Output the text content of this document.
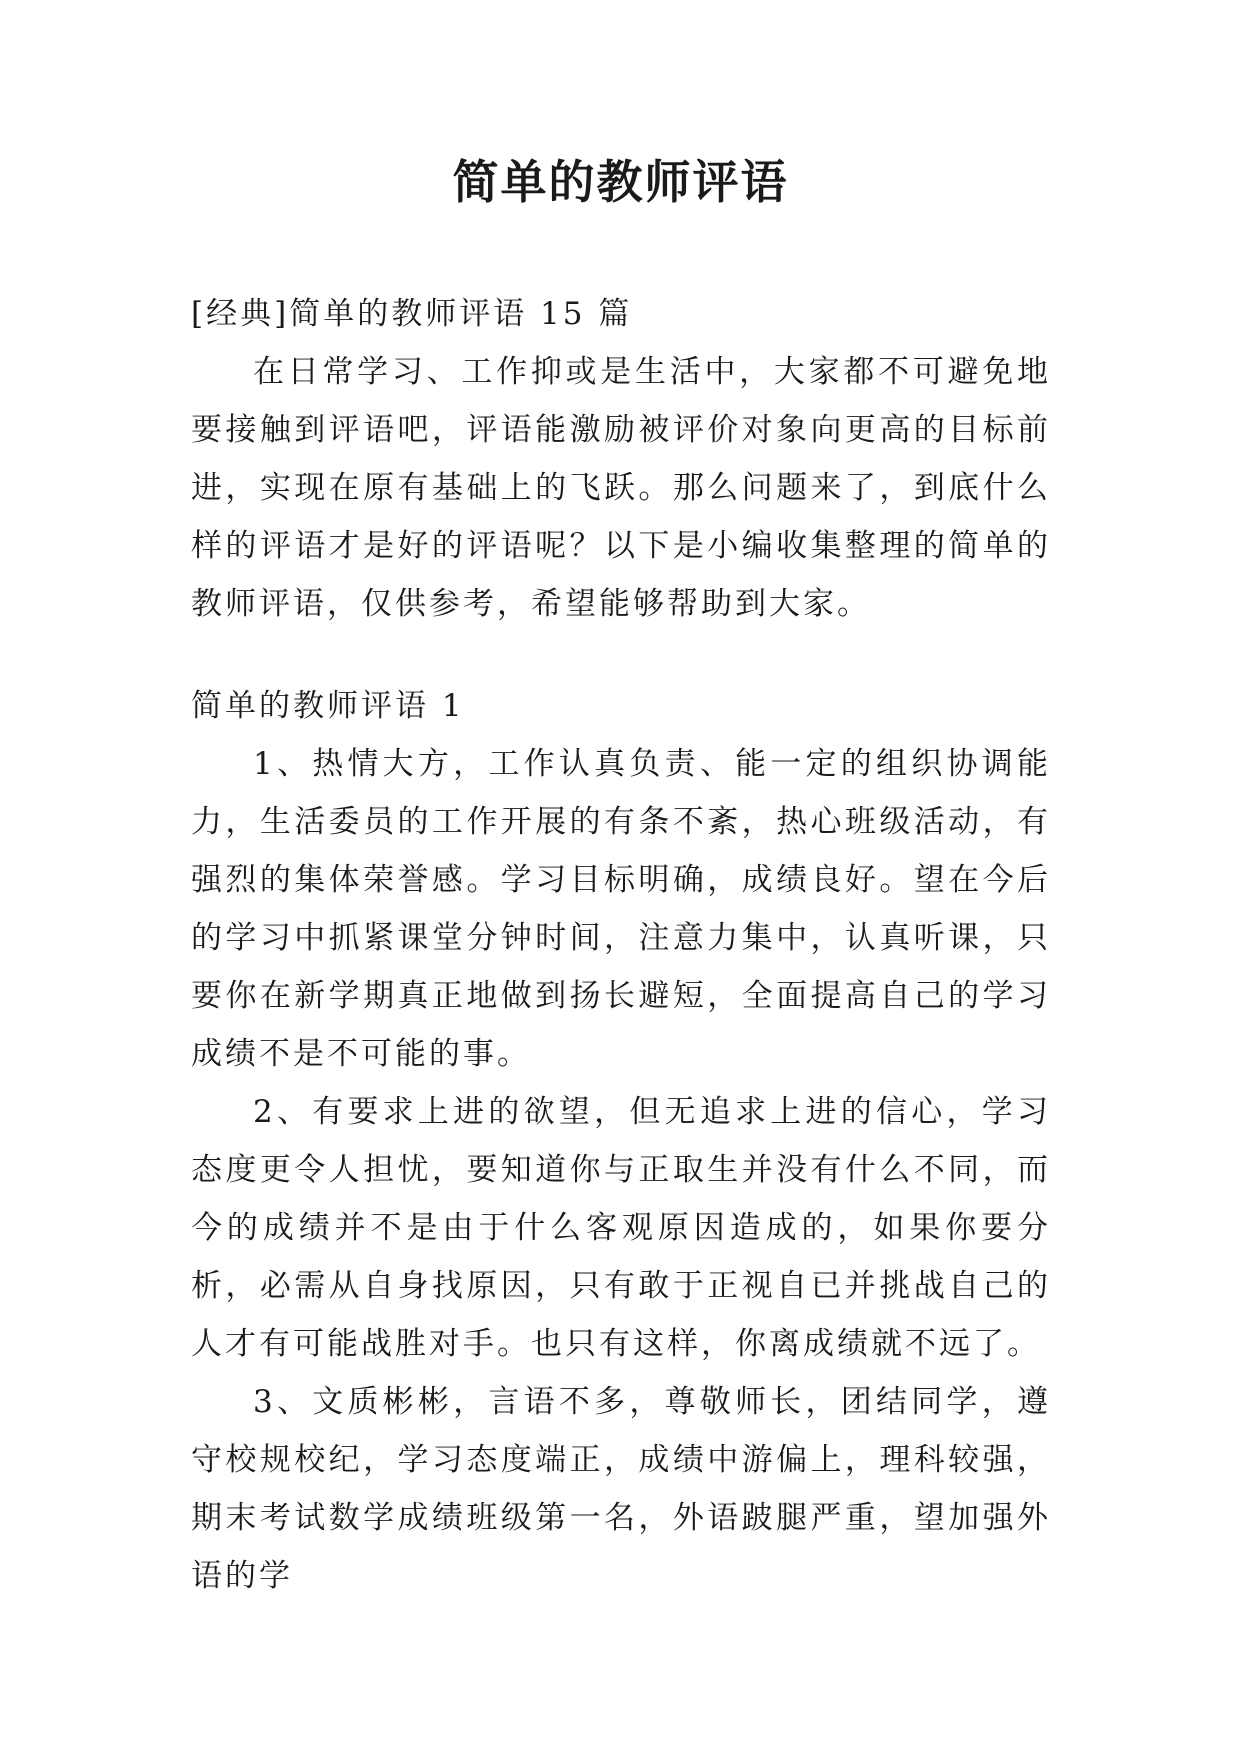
简单的教师评语

[经典]简单的教师评语 15 篇

在日常学习、工作抑或是生活中，大家都不可避免地要接触到评语吧，评语能激励被评价对象向更高的目标前进，实现在原有基础上的飞跃。那么问题来了，到底什么样的评语才是好的评语呢？以下是小编收集整理的简单的教师评语，仅供参考，希望能够帮助到大家。

简单的教师评语 1

1、热情大方，工作认真负责、能一定的组织协调能力，生活委员的工作开展的有条不紊，热心班级活动，有强烈的集体荣誉感。学习目标明确，成绩良好。望在今后的学习中抓紧课堂分钟时间，注意力集中，认真听课，只要你在新学期真正地做到扬长避短，全面提高自己的学习成绩不是不可能的事。

2、有要求上进的欲望，但无追求上进的信心，学习态度更令人担忧，要知道你与正取生并没有什么不同，而今的成绩并不是由于什么客观原因造成的，如果你要分析，必需从自身找原因，只有敢于正视自已并挑战自己的人才有可能战胜对手。也只有这样，你离成绩就不远了。

3、文质彬彬，言语不多，尊敬师长，团结同学，遵守校规校纪，学习态度端正，成绩中游偏上，理科较强，期末考试数学成绩班级第一名，外语跛腿严重，望加强外语的学
